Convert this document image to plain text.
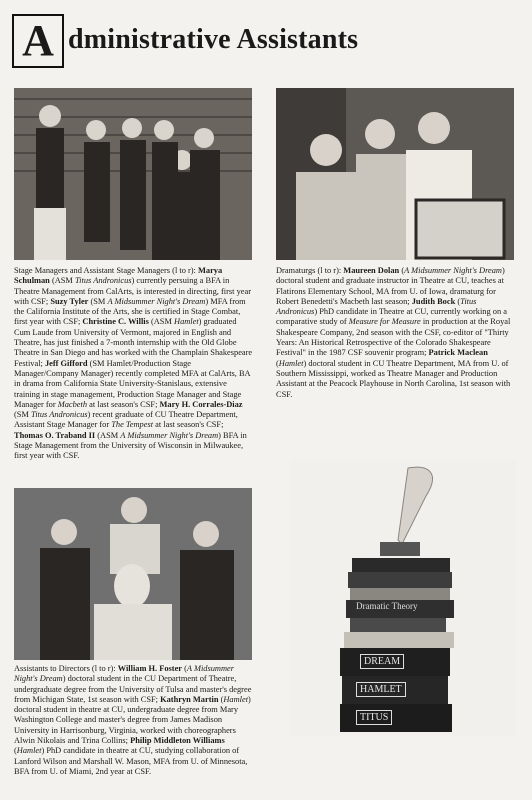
A dministrative Assistants
Stage Managers and Assistant Stage Managers (l to r): Marya Schulman (ASM Titus Andronicus) currently persuing a BFA in Theatre Management from CalArts, is interested in directing, first year with CSF; Suzy Tyler (SM A Midsummer Night's Dream) MFA from the California Institute of the Arts, she is certified in Stage Combat, first year with CSF; Christine C. Willis (ASM Hamlet) graduated Cum Laude from University of Vermont, majored in English and Theatre, has just finished a 7-month internship with the Old Globe Theatre in San Diego and has worked with the Champlain Shakespeare Festival; Jeff Gifford (SM Hamlet/Production Stage Manager/Company Manager) recently completed MFA at CalArts, BA in drama from California State University-Stanislaus, extensive training in stage management, Production Stage Manager and Stage Manager for Macbeth at last season's CSF; Mary H. Corrales-Diaz (SM Titus Andronicus) recent graduate of CU Theatre Department, Assistant Stage Manager for The Tempest at last season's CSF; Thomas O. Traband II (ASM A Midsummer Night's Dream) BFA in Stage Management from the University of Wisconsin in Milwaukee, first year with CSF.
Dramaturgs (l to r): Maureen Dolan (A Midsummer Night's Dream) doctoral student and graduate instructor in Theatre at CU, teaches at Flatirons Elementary School, MA from U. of Iowa, dramaturg for Robert Benedetti's Macbeth last season; Judith Bock (Titus Andronicus) PhD candidate in Theatre at CU, currently working on a comparative study of Measure for Measure in production at the Royal Shakespeare Company, 2nd season with the CSF, co-editor of "Thirty Years: An Historical Retrospective of the Colorado Shakespeare Festival" in the 1987 CSF souvenir program; Patrick Maclean (Hamlet) doctoral student in CU Theatre Department, MA from U. of Southern Mississippi, worked as Theatre Manager and Production Assistant at the Peacock Playhouse in North Carolina, 1st season with CSF.
Assistants to Directors (l to r): William H. Foster (A Midsummer Night's Dream) doctoral student in the CU Department of Theatre, undergraduate degree from the University of Tulsa and master's degree from Michigan State, 1st season with CSF; Kathryn Martin (Hamlet) doctoral student in theatre at CU, undergraduate degree from Mary Washington College and master's degree from James Madison University in Harrisonburg, Virginia, worked with choreographers Alwin Nikolais and Trina Collins; Philip Middleton Williams (Hamlet) PhD candidate in theatre at CU, studying collaboration of Lanford Wilson and Marshall W. Mason, MFA from U. of Minnesota, BFA from U. of Miami, 2nd year at CSF.
Dramatic Theory
DREAM
HAMLET
TITUS
